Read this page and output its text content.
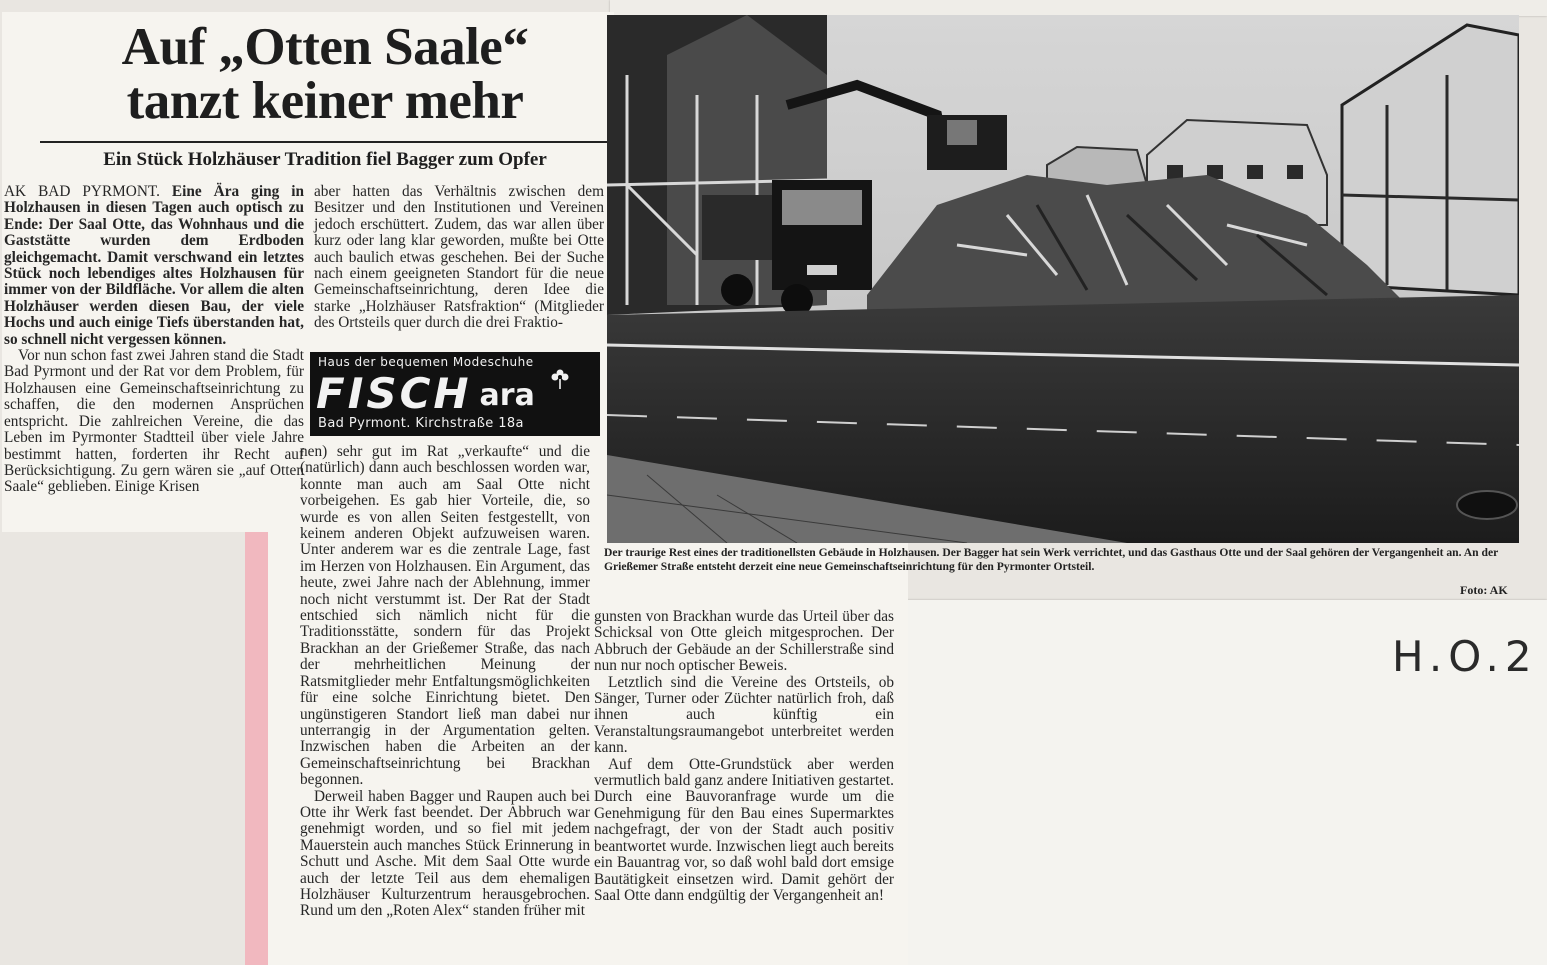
Auf „Otten Saale“
tanzt keiner mehr
Ein Stück Holzhäuser Tradition fiel Bagger zum Opfer

AK BAD PYRMONT. Eine Ära ging in Holzhausen in diesen Tagen auch optisch zu Ende: Der Saal Otte, das Wohnhaus und die Gaststätte wurden dem Erdboden gleichgemacht. Damit verschwand ein letztes Stück noch lebendiges altes Holzhausen für immer von der Bildfläche. Vor allem die alten Holzhäuser werden diesen Bau, der viele Hochs und auch einige Tiefs überstanden hat, so schnell nicht vergessen können.

Vor nun schon fast zwei Jahren stand die Stadt Bad Pyrmont und der Rat vor dem Problem, für Holzhausen eine Gemeinschaftseinrichtung zu schaffen, die den modernen Ansprüchen entspricht. Die zahlreichen Vereine, die das Leben im Pyrmonter Stadtteil über viele Jahre bestimmt hatten, forderten ihr Recht auf Berücksichtigung. Zu gern wären sie „auf Otten Saale“ geblieben. Einige Krisen

aber hatten das Verhältnis zwischen dem Besitzer und den Institutionen und Vereinen jedoch erschüttert. Zudem, das war allen über kurz oder lang klar geworden, mußte bei Otte auch baulich etwas geschehen. Bei der Suche nach einem geeigneten Standort für die neue Gemeinschaftseinrichtung, deren Idee die starke „Holzhäuser Ratsfraktion“ (Mitglieder des Ortsteils quer durch die drei Fraktio-

Haus der bequemen Modeschuhe
FISCH ara
Bad Pyrmont. Kirchstraße 18a

nen) sehr gut im Rat „verkaufte“ und die (natürlich) dann auch beschlossen worden war, konnte man auch am Saal Otte nicht vorbeigehen. Es gab hier Vorteile, die, so wurde es von allen Seiten festgestellt, von keinem anderen Objekt aufzuweisen waren. Unter anderem war es die zentrale Lage, fast im Herzen von Holzhausen. Ein Argument, das heute, zwei Jahre nach der Ablehnung, immer noch nicht verstummt ist. Der Rat der Stadt entschied sich nämlich nicht für die Traditionsstätte, sondern für das Projekt Brackhan an der Grießemer Straße, das nach der mehrheitlichen Meinung der Ratsmitglieder mehr Entfaltungsmöglichkeiten für eine solche Einrichtung bietet. Den ungünstigeren Standort ließ man dabei nur unterrangig in der Argumentation gelten. Inzwischen haben die Arbeiten an der Gemeinschaftseinrichtung bei Brackhan begonnen.

Derweil haben Bagger und Raupen auch bei Otte ihr Werk fast beendet. Der Abbruch war genehmigt worden, und so fiel mit jedem Mauerstein auch manches Stück Erinnerung in Schutt und Asche. Mit dem Saal Otte wurde auch der letzte Teil aus dem ehemaligen Holzhäuser Kulturzentrum herausgebrochen. Rund um den „Roten Alex“ standen früher mit

Der traurige Rest eines der traditionellsten Gebäude in Holzhausen. Der Bagger hat sein Werk verrichtet, und das Gasthaus Otte und der Saal gehören der Vergangenheit an. An der Grießemer Straße entsteht derzeit eine neue Gemeinschaftseinrichtung für den Pyrmonter Ortsteil.
Foto: AK

gunsten von Brackhan wurde das Urteil über das Schicksal von Otte gleich mitgesprochen. Der Abbruch der Gebäude an der Schillerstraße sind nun nur noch optischer Beweis.

Letztlich sind die Vereine des Ortsteils, ob Sänger, Turner oder Züchter natürlich froh, daß ihnen auch künftig ein Veranstaltungsraumangebot unterbreitet werden kann.

Auf dem Otte-Grundstück aber werden vermutlich bald ganz andere Initiativen gestartet. Durch eine Bauvoranfrage wurde um die Genehmigung für den Bau eines Supermarktes nachgefragt, der von der Stadt auch positiv beantwortet wurde. Inzwischen liegt auch bereits ein Bauantrag vor, so daß wohl bald dort emsige Bautätigkeit einsetzen wird. Damit gehört der Saal Otte dann endgültig der Vergangenheit an!

H.O.2
